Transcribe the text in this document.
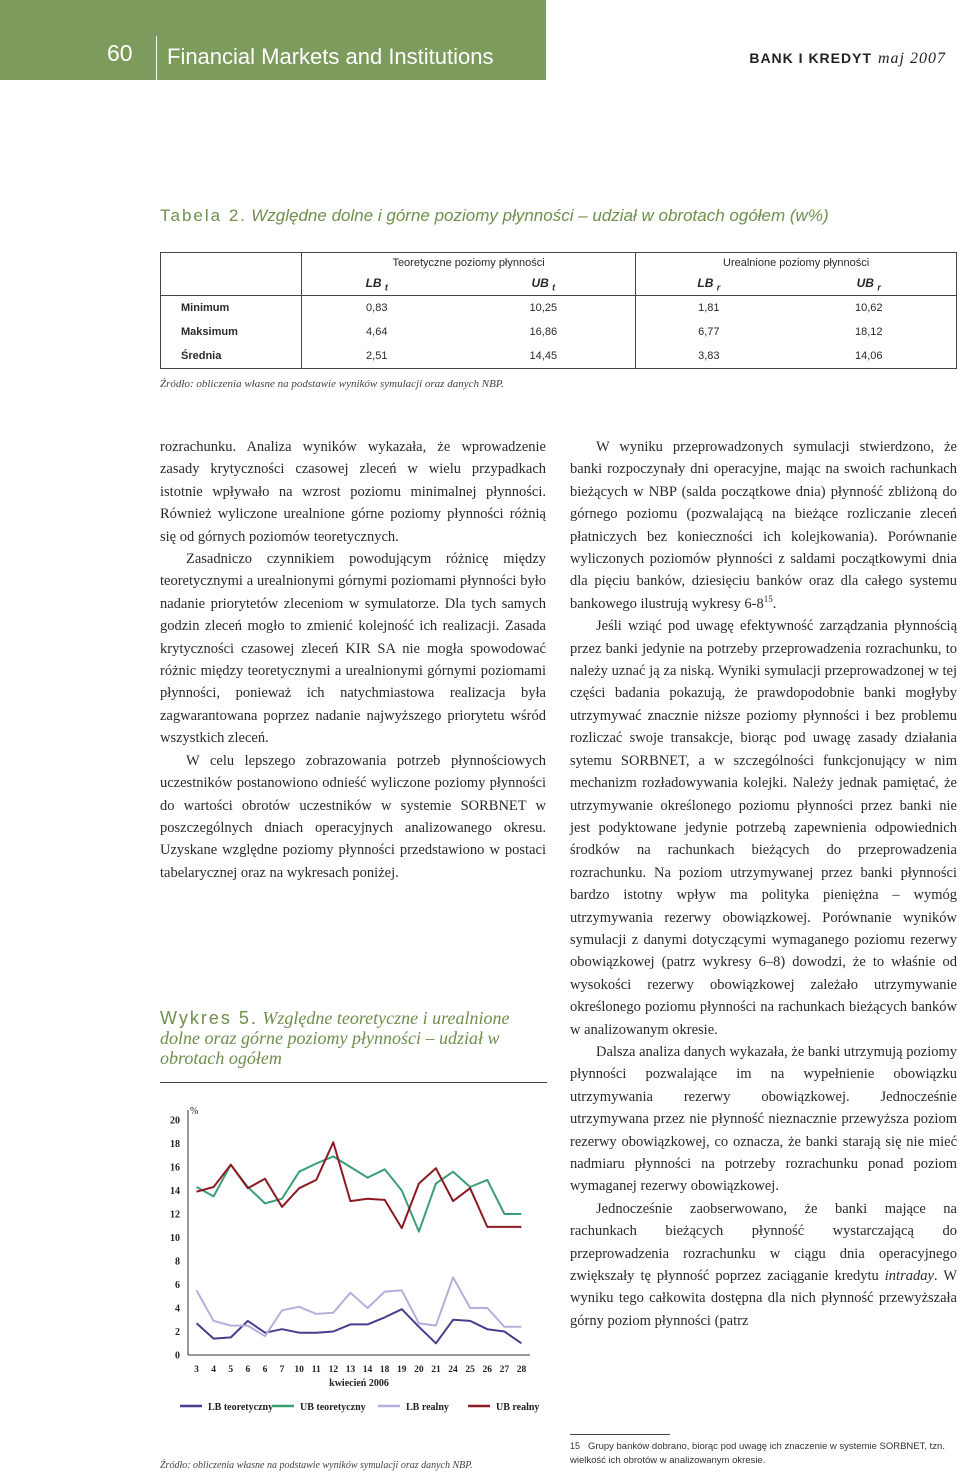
60 Financial Markets and Institutions	BANK I KREDYT maj 2007
Tabela 2. Względne dolne i górne poziomy płynności – udział w obrotach ogółem (w%)
	Teoretyczne poziomy płynności		Urealnione poziomy płynności	
	LB $_t$	UB $_t$	LB $_r$	UB $_r$
Minimum	0,83	10,25	1,81	10,62
Maksimum	4,64	16,86	6,77	18,12
Średnia	2,51	14,45	3,83	14,06
Źródło: obliczenia własne na podstawie wyników symulacji oraz danych NBP.

rozrachunku. Analiza wyników wykazała, że wprowadzenie zasady krytyczności czasowej zleceń w wielu przypadkach istotnie wpływało na wzrost poziomu minimalnej płynności. Również wyliczone urealnione górne poziomy płynności różnią się od górnych poziomów teoretycznych.

Zasadniczo czynnikiem powodującym różnicę między teoretycznymi a urealnionymi górnymi poziomami płynności było nadanie priorytetów zleceniom w symulatorze. Dla tych samych godzin zleceń mogło to zmienić kolejność ich realizacji. Zasada krytyczności czasowej zleceń KIR SA nie mogła spowodować różnic między teoretycznymi a urealnionymi górnymi poziomami płynności, ponieważ ich natychmiastowa realizacja była zagwarantowana poprzez nadanie najwyższego priorytetu wśród wszystkich zleceń.

W celu lepszego zobrazowania potrzeb płynnościowych uczestników postanowiono odnieść wyliczone poziomy płynności do wartości obrotów uczestników w systemie SORBNET w poszczególnych dniach operacyjnych analizowanego okresu. Uzyskane względne poziomy płynności przedstawiono w postaci tabelarycznej oraz na wykresach poniżej.

W wyniku przeprowadzonych symulacji stwierdzono, że banki rozpoczynały dni operacyjne, mając na swoich rachunkach bieżących w NBP (salda początkowe dnia) płynność zbliżoną do górnego poziomu (pozwalającą na bieżące rozliczanie zleceń płatniczych bez konieczności ich kolejkowania). Porównanie wyliczonych poziomów płynności z saldami początkowymi dnia dla pięciu banków, dziesięciu banków oraz dla całego systemu bankowego ilustrują wykresy $6-8^{15}$.

Jeśli wziąć pod uwagę efektywność zarządzania płynnością przez banki jedynie na potrzeby przeprowadzenia rozrachunku, to należy uznać ją za niską. Wyniki symulacji przeprowadzonej w tej części badania pokazują, że prawdopodobnie banki mogłyby utrzymywać znacznie niższe poziomy płynności i bez problemu rozliczać swoje transakcje, biorąc pod uwagę zasady działania sytemu SORBNET, a w szczególności funkcjonujący w nim mechanizm rozładowywania kolejki. Należy jednak pamiętać, że utrzymywanie określonego poziomu płynności przez banki nie jest podyktowane jedynie potrzebą zapewnienia odpowiednich środków na rachunkach bieżących do przeprowadzenia rozrachunku. Na poziom utrzymywanej przez banki płynności bardzo istotny wpływ ma polityka pieniężna – wymóg utrzymywania rezerwy obowiązkowej. Porównanie wyników symulacji z danymi dotyczącymi wymaganego poziomu rezerwy obowiązkowej (patrz wykresy 6–8) dowodzi, że to właśnie od wysokości rezerwy obowiązkowej zależało utrzymywanie określonego poziomu płynności na rachunkach bieżących banków w analizowanym okresie.

Dalsza analiza danych wykazała, że banki utrzymują poziomy płynności pozwalające im na wypełnienie obowiązku utrzymywania rezerwy obowiązkowej. Jednocześnie utrzymywana przez nie płynność nieznacznie przewyższa poziom rezerwy obowiązkowej, co oznacza, że banki starają się nie mieć nadmiaru płynności na potrzeby rozrachunku ponad poziom wymaganej rezerwy obowiązkowej.

Jednocześnie zaobserwowano, że banki mające na rachunkach bieżących płynność wystarczającą do przeprowadzenia rozrachunku w ciągu dnia operacyjnego zwiększały tę płynność poprzez zaciąganie kredytu intraday. W wyniku tego całkowita dostępna dla nich płynność przewyższała górny poziom płynności (patrz

Wykres 5. Względne teoretyczne i urealnione dolne oraz górne poziomy płynności – udział w obrotach ogółem
%
0
2
4
6
8
10
12
14
16
18
20
3 4 5 6 6 7 10 11 12 13 14 18 19 20 21 24 25 26 27 28
kwiecień 2006
LB teoretyczny	UB teoretyczny	LB realny	UB realny
Źródło: obliczenia własne na podstawie wyników symulacji oraz danych NBP.
15 Grupy banków dobrano, biorąc pod uwagę ich znaczenie w systemie SORBNET, tzn. wielkość ich obrotów w analizowanym okresie.
